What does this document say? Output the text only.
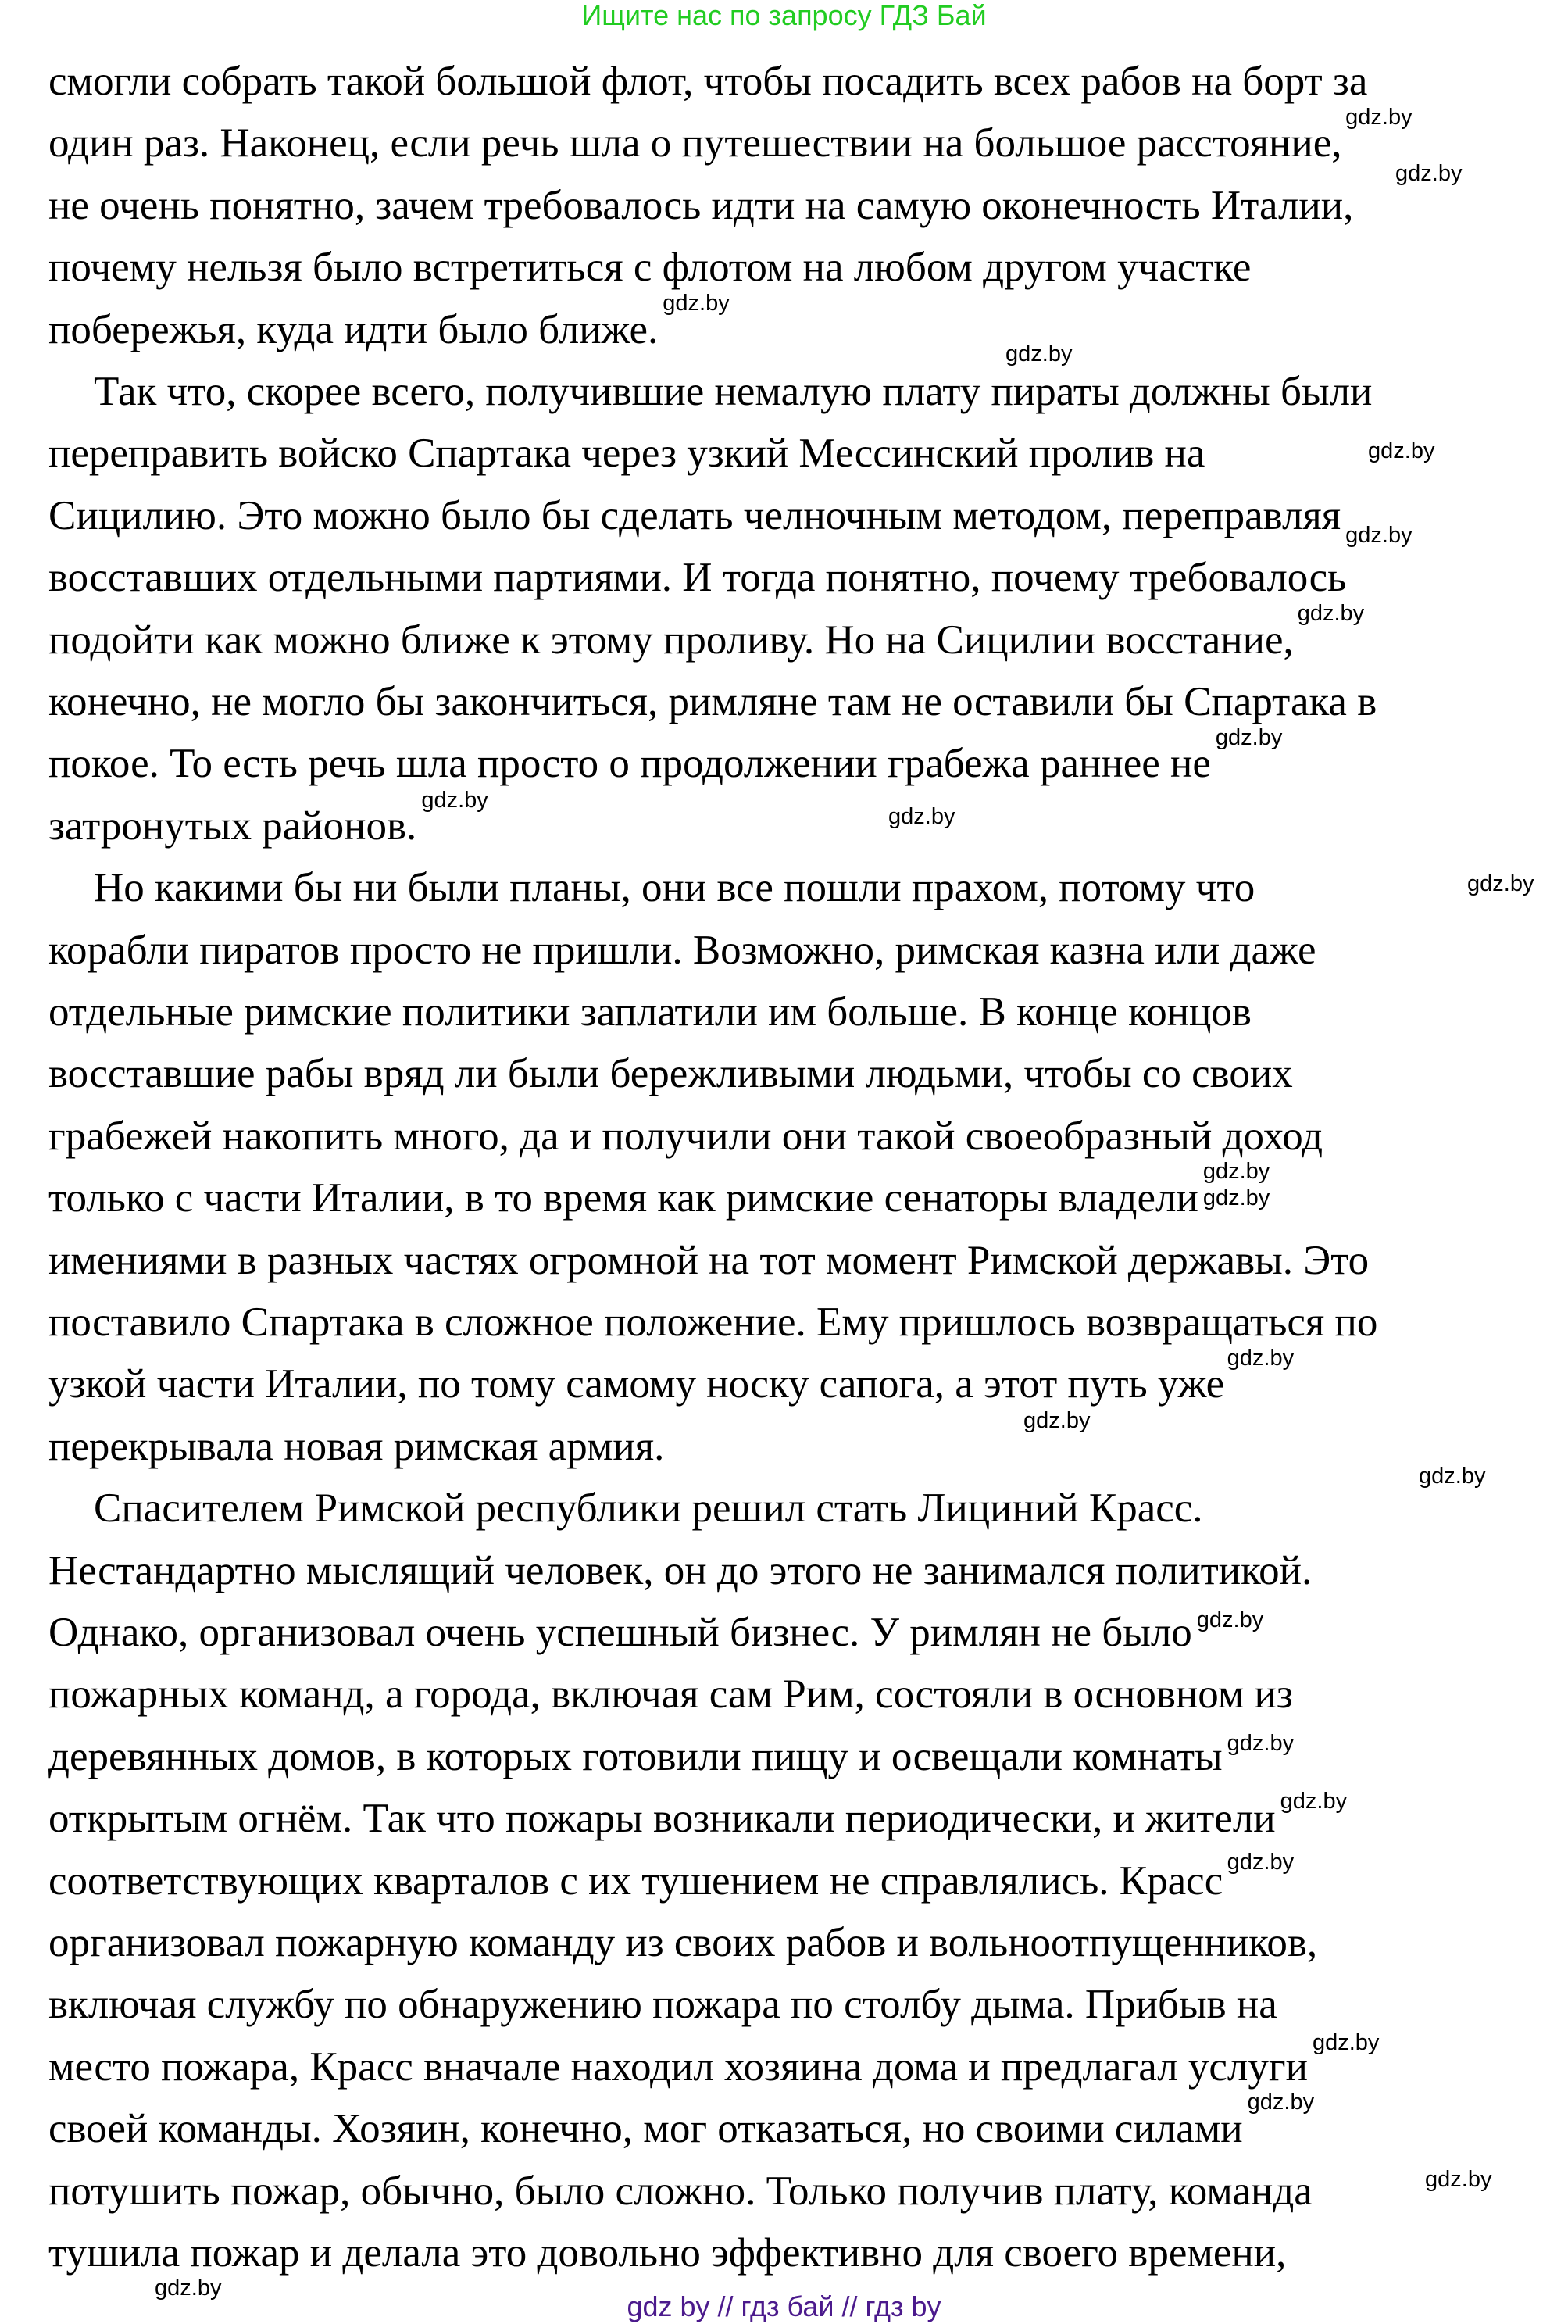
Ищите нас по запросу ГДЗ Бай
смогли собрать такой большой флот, чтобы посадить всех рабов на борт за
один раз. Наконец, если речь шла о путешествии на большое расстояние,
не очень понятно, зачем требовалось идти на самую оконечность Италии,
почему нельзя было встретиться с флотом на любом другом участке
побережья, куда идти было ближе.
Так что, скорее всего, получившие немалую плату пираты должны были
переправить войско Спартака через узкий Мессинский пролив на
Сицилию. Это можно было бы сделать челночным методом, переправляя
восставших отдельными партиями. И тогда понятно, почему требовалось
подойти как можно ближе к этому проливу. Но на Сицилии восстание,
конечно, не могло бы закончиться, римляне там не оставили бы Спартака в
покое. То есть речь шла просто о продолжении грабежа раннее не
затронутых районов.
Но какими бы ни были планы, они все пошли прахом, потому что
корабли пиратов просто не пришли. Возможно, римская казна или даже
отдельные римские политики заплатили им больше. В конце концов
восставшие рабы вряд ли были бережливыми людьми, чтобы со своих
грабежей накопить много, да и получили они такой своеобразный доход
только с части Италии, в то время как римские сенаторы владели
имениями в разных частях огромной на тот момент Римской державы. Это
поставило Спартака в сложное положение. Ему пришлось возвращаться по
узкой части Италии, по тому самому носку сапога, а этот путь уже
перекрывала новая римская армия.
Спасителем Римской республики решил стать Лициний Красс.
Нестандартно мыслящий человек, он до этого не занимался политикой.
Однако, организовал очень успешный бизнес. У римлян не было
пожарных команд, а города, включая сам Рим, состояли в основном из
деревянных домов, в которых готовили пищу и освещали комнаты
открытым огнём. Так что пожары возникали периодически, и жители
соответствующих кварталов с их тушением не справлялись. Красс
организовал пожарную команду из своих рабов и вольноотпущенников,
включая службу по обнаружению пожара по столбу дыма. Прибыв на
место пожара, Красс вначале находил хозяина дома и предлагал услуги
своей команды. Хозяин, конечно, мог отказаться, но своими силами
потушить пожар, обычно, было сложно. Только получив плату, команда
тушила пожар и делала это довольно эффективно для своего времени,
gdz.by
gdz.by
gdz.by
gdz.by
gdz.by
gdz.by
gdz.by
gdz.by
gdz.by
gdz.by
gdz.by
gdz.by
gdz.by
gdz.by
gdz.by
gdz.by
gdz.by
gdz.by
gdz.by
gdz.by
gdz.by
gdz.by
gdz.by
gdz.by
gdz by // гдз бай // гдз by
